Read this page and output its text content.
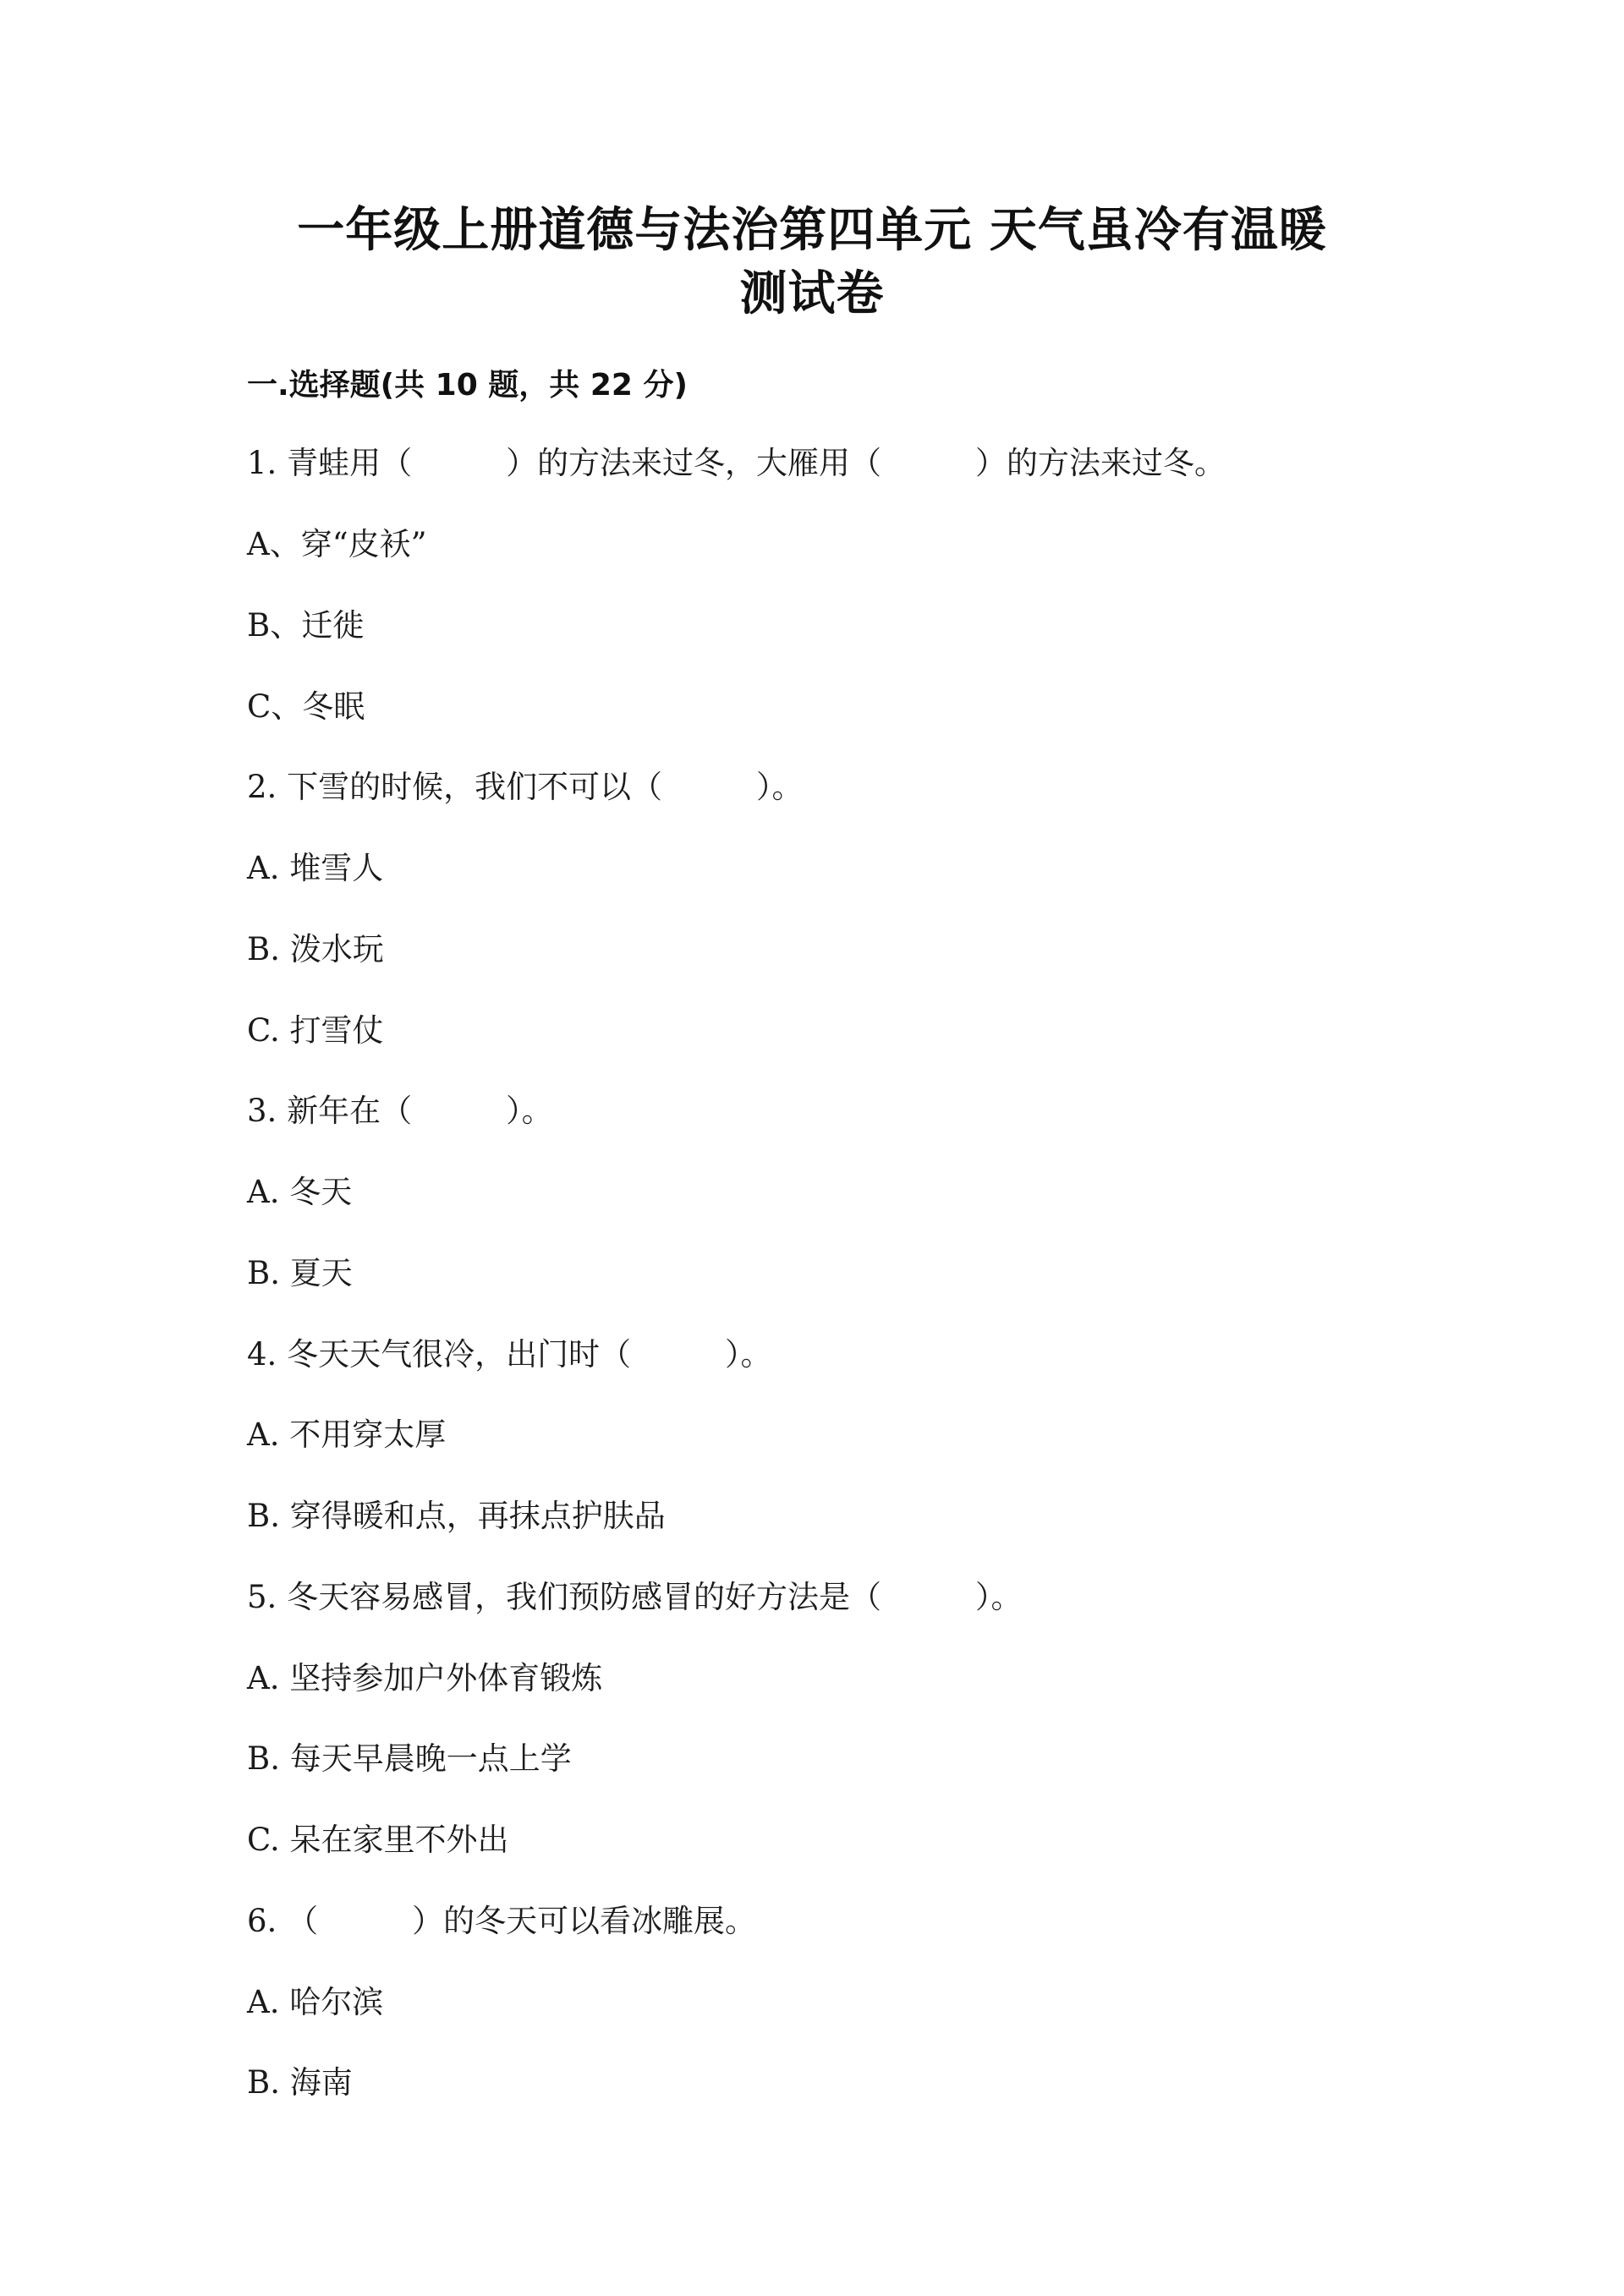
一年级上册道德与法治第四单元 天气虽冷有温暖
测试卷
一.选择题(共 10 题，共 22 分)
1. 青蛙用（　　　）的方法来过冬，大雁用（　　　）的方法来过冬。
A、穿“皮袄”
B、迁徙
C、冬眠
2. 下雪的时候，我们不可以（　　　）。
A. 堆雪人
B. 泼水玩
C. 打雪仗
3. 新年在（　　　）。
A. 冬天
B. 夏天
4. 冬天天气很冷，出门时（　　　）。
A. 不用穿太厚
B. 穿得暖和点，再抹点护肤品
5. 冬天容易感冒，我们预防感冒的好方法是（　　　）。
A. 坚持参加户外体育锻炼
B. 每天早晨晚一点上学
C. 呆在家里不外出
6. （　　　）的冬天可以看冰雕展。
A. 哈尔滨
B. 海南
